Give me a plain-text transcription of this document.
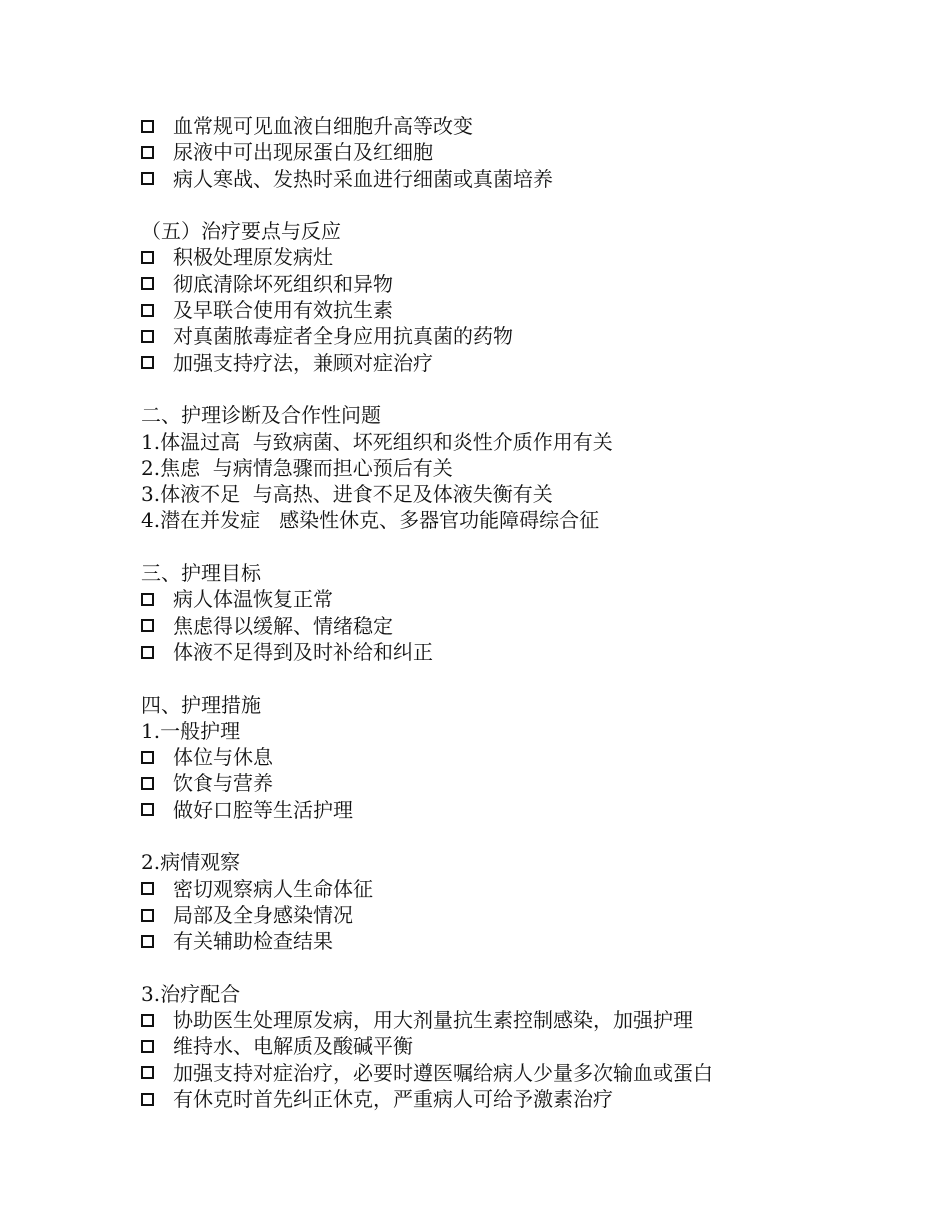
血常规可见血液白细胞升高等改变
尿液中可出现尿蛋白及红细胞
病人寒战、发热时采血进行细菌或真菌培养
（五）治疗要点与反应
积极处理原发病灶
彻底清除坏死组织和异物
及早联合使用有效抗生素
对真菌脓毒症者全身应用抗真菌的药物
加强支持疗法，兼顾对症治疗
二、护理诊断及合作性问题
1.体温过高  与致病菌、坏死组织和炎性介质作用有关
2.焦虑  与病情急骤而担心预后有关
3.体液不足  与高热、进食不足及体液失衡有关
4.潜在并发症   感染性休克、多器官功能障碍综合征
三、护理目标
病人体温恢复正常
焦虑得以缓解、情绪稳定
体液不足得到及时补给和纠正
四、护理措施
1.一般护理
体位与休息
饮食与营养
做好口腔等生活护理
2.病情观察
密切观察病人生命体征
局部及全身感染情况
有关辅助检查结果
3.治疗配合
协助医生处理原发病，用大剂量抗生素控制感染，加强护理
维持水、电解质及酸碱平衡
加强支持对症治疗，必要时遵医嘱给病人少量多次输血或蛋白
有休克时首先纠正休克，严重病人可给予激素治疗
